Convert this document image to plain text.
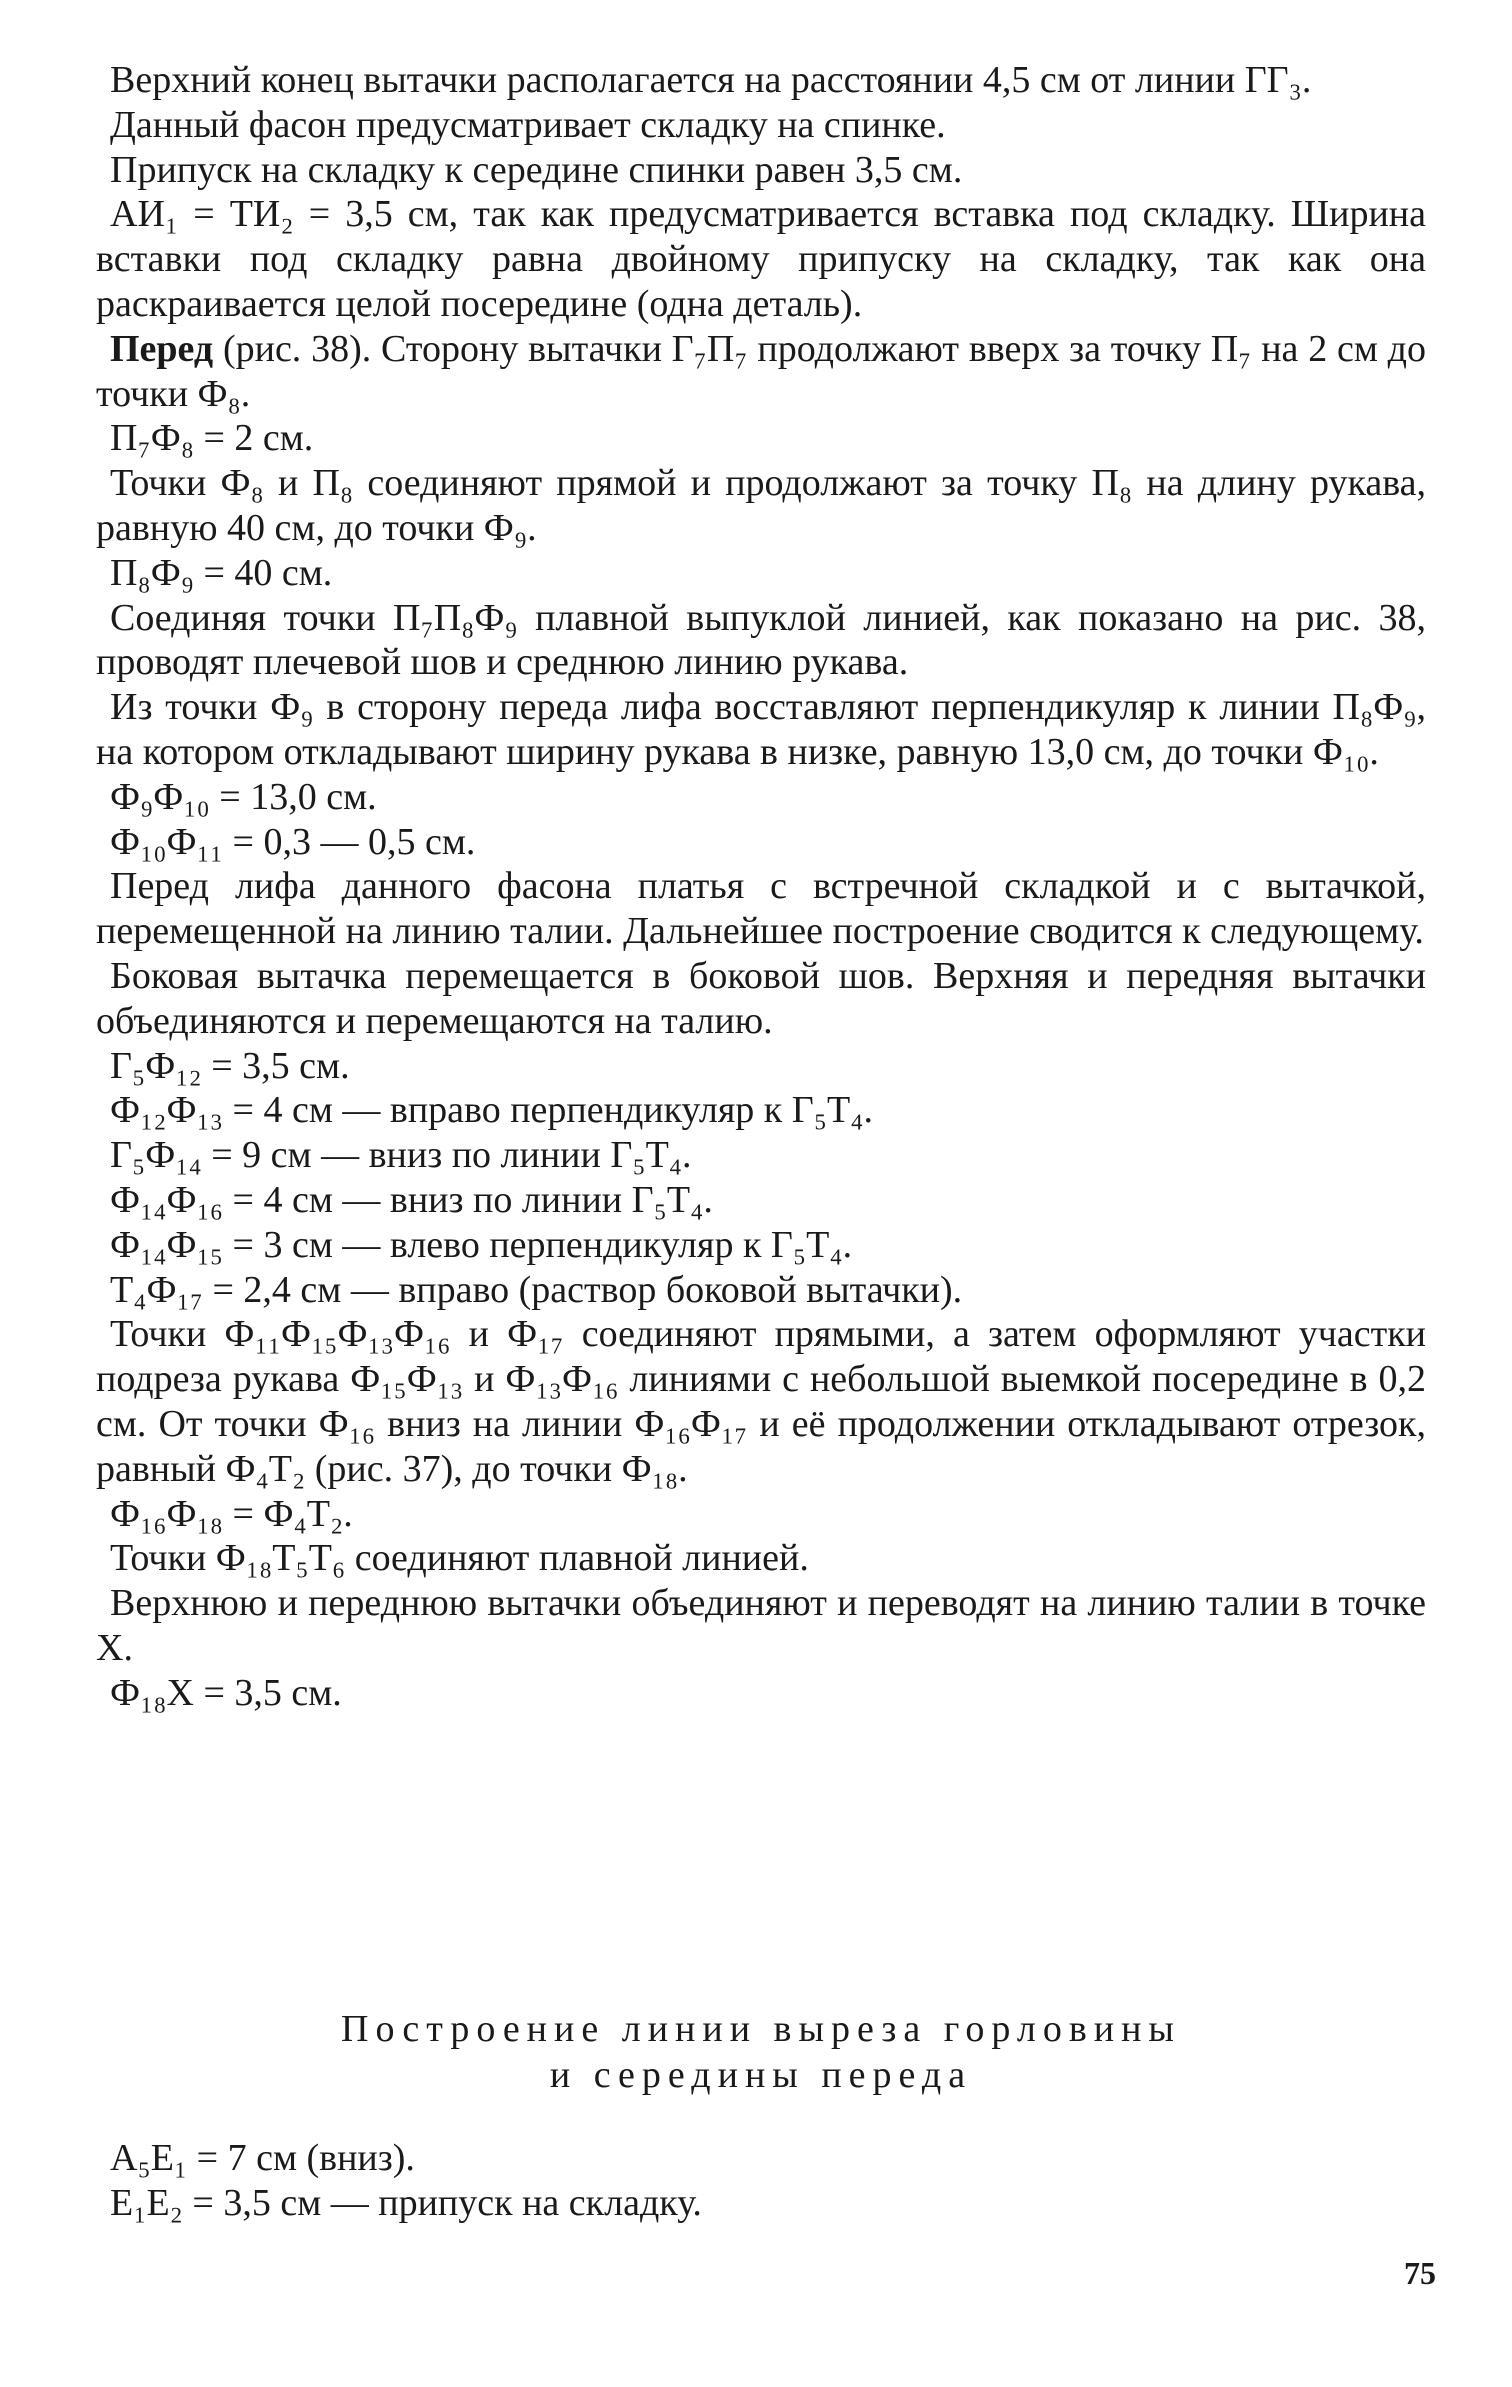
Верхний конец вытачки располагается на расстоянии 4,5 см от линии ГГ₃.

Данный фасон предусматривает складку на спинке.

Припуск на складку к середине спинки равен 3,5 см.

АИ₁ = ТИ₂ = 3,5 см, так как предусматривается вставка под складку. Ширина вставки под складку равна двойному припуску на складку, так как она раскраивается целой посередине (одна деталь).

Перед (рис. 38). Сторону вытачки Г₇П₇ продолжают вверх за точку П₇ на 2 см до точки Ф₈.

П₇Ф₈ = 2 см.

Точки Ф₈ и П₈ соединяют прямой и продолжают за точку П₈ на длину рукава, равную 40 см, до точки Ф₉.

П₈Ф₉ = 40 см.

Соединяя точки П₇П₈Ф₉ плавной выпуклой линией, как показано на рис. 38, проводят плечевой шов и среднюю линию рукава.

Из точки Ф₉ в сторону переда лифа восставляют перпендикуляр к линии П₈Ф₉, на котором откладывают ширину рукава в низке, равную 13,0 см, до точки Ф₁₀.

Ф₉Ф₁₀ = 13,0 см.

Ф₁₀Ф₁₁ = 0,3 — 0,5 см.

Перед лифа данного фасона платья с встречной складкой и с вытачкой, перемещенной на линию талии. Дальнейшее построение сводится к следующему.

Боковая вытачка перемещается в боковой шов. Верхняя и передняя вытачки объединяются и перемещаются на талию.

Г₅Ф₁₂ = 3,5 см.

Ф₁₂Ф₁₃ = 4 см — вправо перпендикуляр к Г₅Т₄.

Г₅Ф₁₄ = 9 см — вниз по линии Г₅Т₄.

Ф₁₄Ф₁₆ = 4 см — вниз по линии Г₅Т₄.

Ф₁₄Ф₁₅ = 3 см — влево перпендикуляр к Г₅Т₄.

Т₄Ф₁₇ = 2,4 см — вправо (раствор боковой вытачки).

Точки Ф₁₁Ф₁₅Ф₁₃Ф₁₆ и Ф₁₇ соединяют прямыми, а затем оформляют участки подреза рукава Ф₁₅Ф₁₃ и Ф₁₃Ф₁₆ линиями с небольшой выемкой посередине в 0,2 см. От точки Ф₁₆ вниз на линии Ф₁₆Ф₁₇ и её продолжении откладывают отрезок, равный Ф₄Т₂ (рис. 37), до точки Ф₁₈.

Ф₁₆Ф₁₈ = Ф₄Т₂.

Точки Ф₁₈Т₅Т₆ соединяют плавной линией.

Верхнюю и переднюю вытачки объединяют и переводят на линию талии в точке Х.

Ф₁₈Х = 3,5 см.

Построение линии выреза горловины
и середины переда

А₅Е₁ = 7 см (вниз).

Е₁Е₂ = 3,5 см — припуск на складку.

75
